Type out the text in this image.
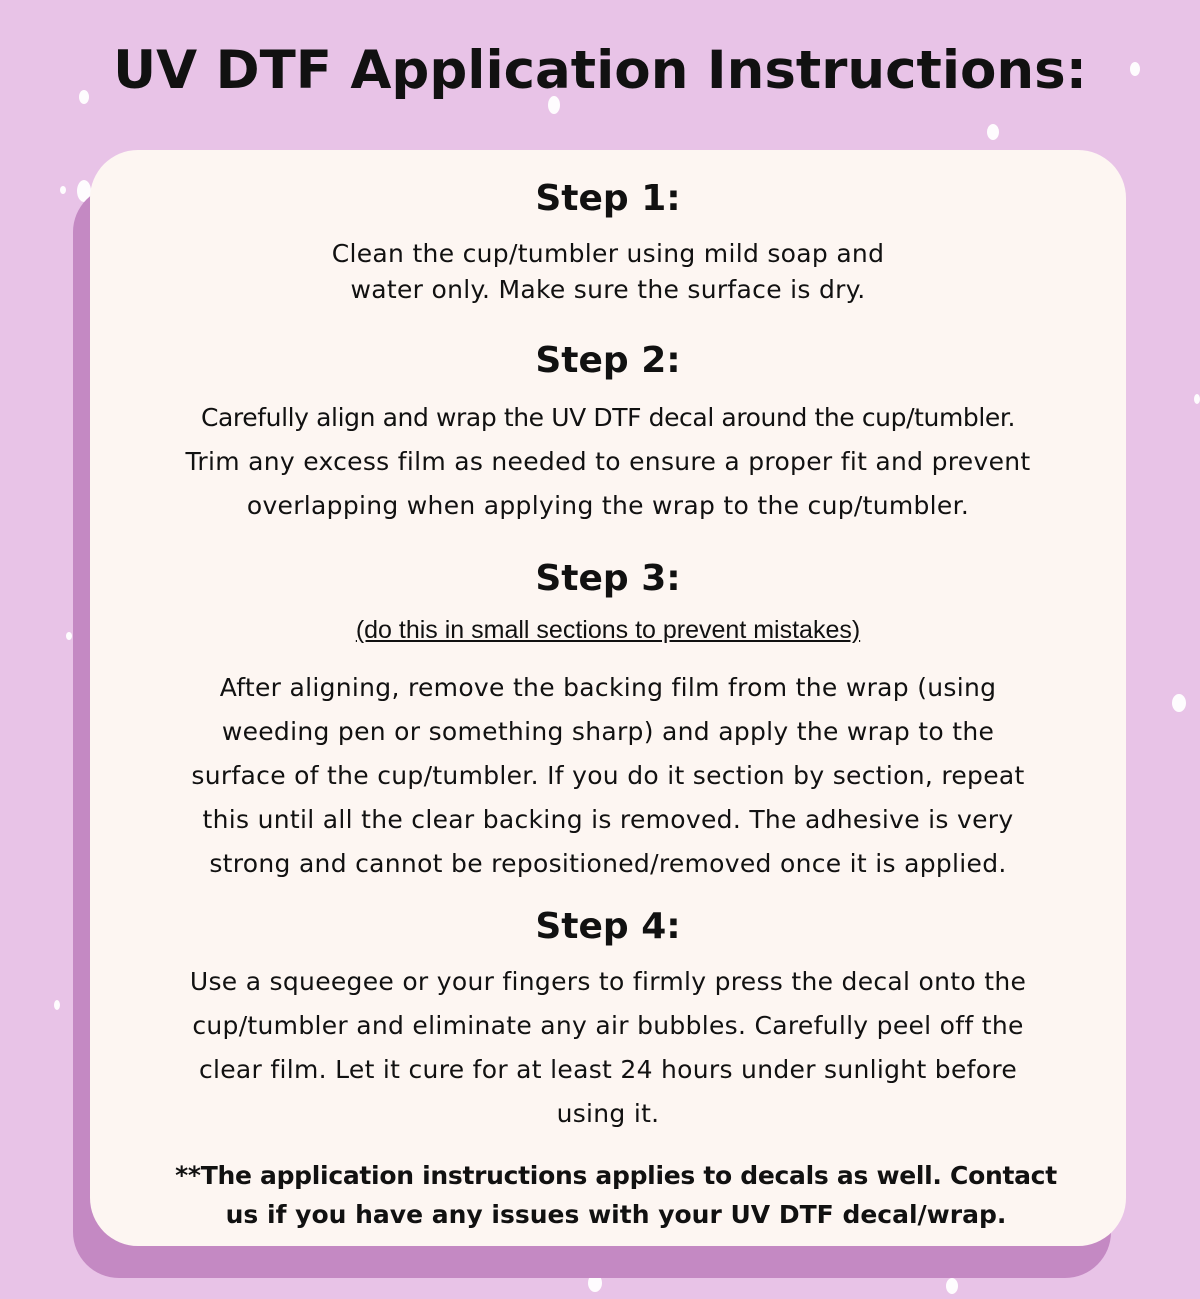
UV DTF Application Instructions:
Step 1:
Clean the cup/tumbler using mild soap and
water only. Make sure the surface is dry.
Step 2:
Carefully align and wrap the UV DTF decal around the cup/tumbler.
Trim any excess film as needed to ensure a proper fit and prevent
overlapping when applying the wrap to the cup/tumbler.
Step 3:
(do this in small sections to prevent mistakes)
After aligning, remove the backing film from the wrap (using
weeding pen or something sharp) and apply the wrap to the
surface of the cup/tumbler. If you do it section by section, repeat
this until all the clear backing is removed. The adhesive is very
strong and cannot be repositioned/removed once it is applied.
Step 4:
Use a squeegee or your fingers to firmly press the decal onto the
cup/tumbler and eliminate any air bubbles. Carefully peel off the
clear film. Let it cure for at least 24 hours under sunlight before
using it.
**The application instructions applies to decals as well. Contact
us if you have any issues with your UV DTF decal/wrap.
